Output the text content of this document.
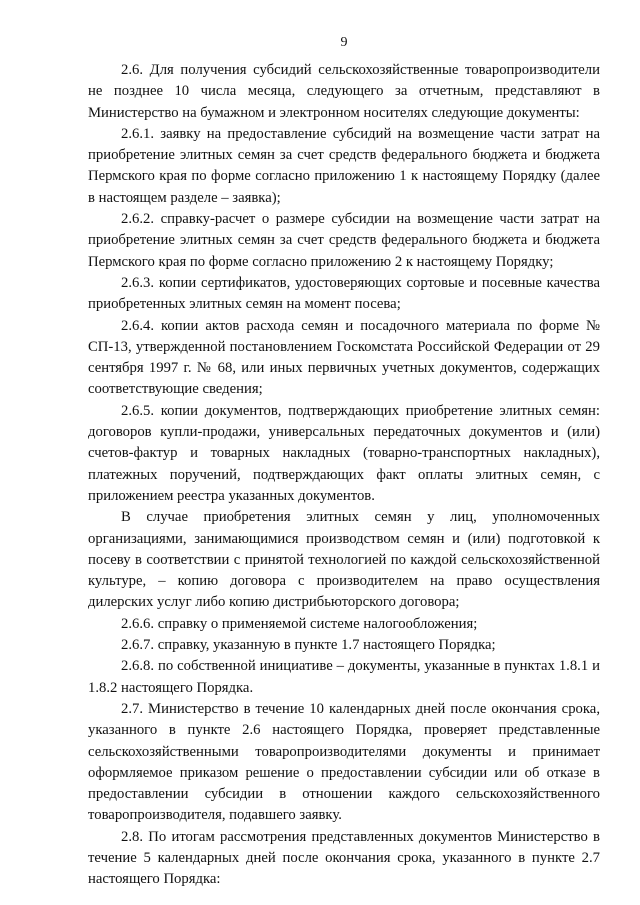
9

2.6. Для получения субсидий сельскохозяйственные товаропроизводители не позднее 10 числа месяца, следующего за отчетным, представляют в Министерство на бумажном и электронном носителях следующие документы:

2.6.1. заявку на предоставление субсидий на возмещение части затрат на приобретение элитных семян за счет средств федерального бюджета и бюджета Пермского края по форме согласно приложению 1 к настоящему Порядку (далее в настоящем разделе – заявка);

2.6.2. справку-расчет о размере субсидии на возмещение части затрат на приобретение элитных семян за счет средств федерального бюджета и бюджета Пермского края по форме согласно приложению 2 к настоящему Порядку;

2.6.3. копии сертификатов, удостоверяющих сортовые и посевные качества приобретенных элитных семян на момент посева;

2.6.4. копии актов расхода семян и посадочного материала по форме № СП-13, утвержденной постановлением Госкомстата Российской Федерации от 29 сентября 1997 г. № 68, или иных первичных учетных документов, содержащих соответствующие сведения;

2.6.5. копии документов, подтверждающих приобретение элитных семян: договоров купли-продажи, универсальных передаточных документов и (или) счетов-фактур и товарных накладных (товарно-транспортных накладных), платежных поручений, подтверждающих факт оплаты элитных семян, с приложением реестра указанных документов.

В случае приобретения элитных семян у лиц, уполномоченных организациями, занимающимися производством семян и (или) подготовкой к посеву в соответствии с принятой технологией по каждой сельскохозяйственной культуре, – копию договора с производителем на право осуществления дилерских услуг либо копию дистрибьюторского договора;

2.6.6. справку о применяемой системе налогообложения;

2.6.7. справку, указанную в пункте 1.7 настоящего Порядка;

2.6.8. по собственной инициативе – документы, указанные в пунктах 1.8.1 и 1.8.2 настоящего Порядка.

2.7. Министерство в течение 10 календарных дней после окончания срока, указанного в пункте 2.6 настоящего Порядка, проверяет представленные сельскохозяйственными товаропроизводителями документы и принимает оформляемое приказом решение о предоставлении субсидии или об отказе в предоставлении субсидии в отношении каждого сельскохозяйственного товаропроизводителя, подавшего заявку.

2.8. По итогам рассмотрения представленных документов Министерство в течение 5 календарных дней после окончания срока, указанного в пункте 2.7 настоящего Порядка:
